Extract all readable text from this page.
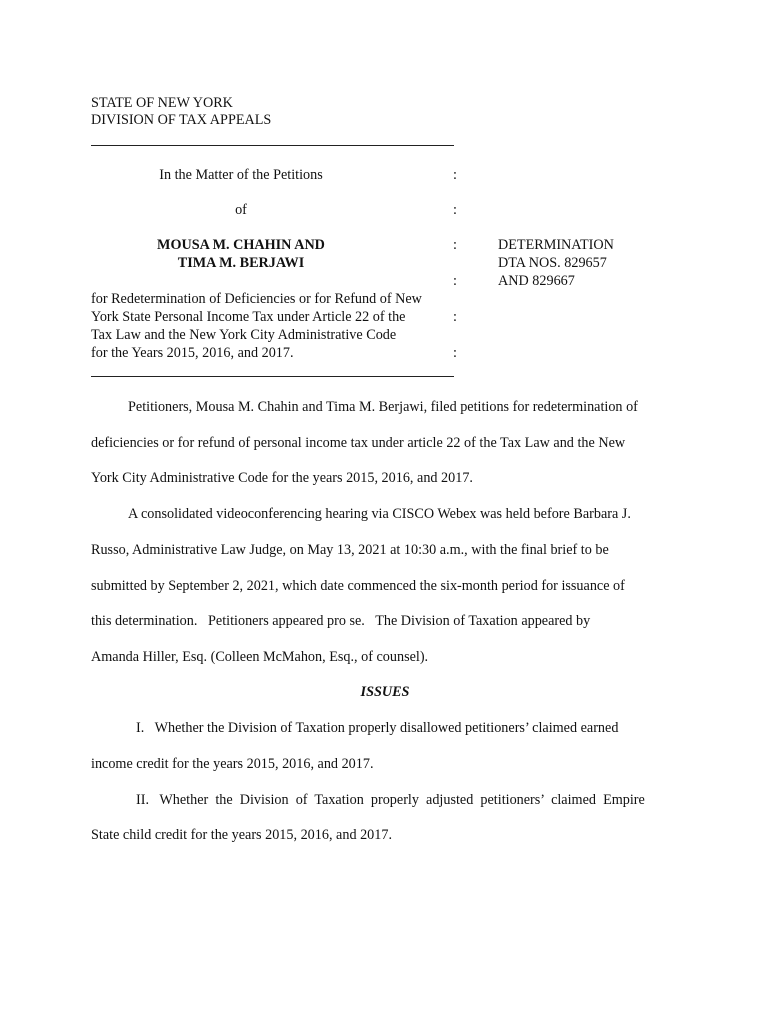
STATE OF NEW YORK
DIVISION OF TAX APPEALS
In the Matter of the Petitions
of
MOUSA M. CHAHIN AND
TIMA M. BERJAWI
for Redetermination of Deficiencies or for Refund of New
York State Personal Income Tax under Article 22 of the
Tax Law and the New York City Administrative Code
for the Years 2015, 2016, and 2017.
:
:
:
:
:
:
DETERMINATION
DTA NOS. 829657
AND 829667
Petitioners, Mousa M. Chahin and Tima M. Berjawi, filed petitions for redetermination of
deficiencies or for refund of personal income tax under article 22 of the Tax Law and the New
York City Administrative Code for the years 2015, 2016, and 2017.
A consolidated videoconferencing hearing via CISCO Webex was held before Barbara J.
Russo, Administrative Law Judge, on May 13, 2021 at 10:30 a.m., with the final brief to be
submitted by September 2, 2021, which date commenced the six-month period for issuance of
this determination.   Petitioners appeared pro se.   The Division of Taxation appeared by
Amanda Hiller, Esq. (Colleen McMahon, Esq., of counsel).
ISSUES
I.   Whether the Division of Taxation properly disallowed petitioners’ claimed earned
income credit for the years 2015, 2016, and 2017.
II.   Whether  the  Division  of  Taxation  properly  adjusted  petitioners’  claimed  Empire
State child credit for the years 2015, 2016, and 2017.
